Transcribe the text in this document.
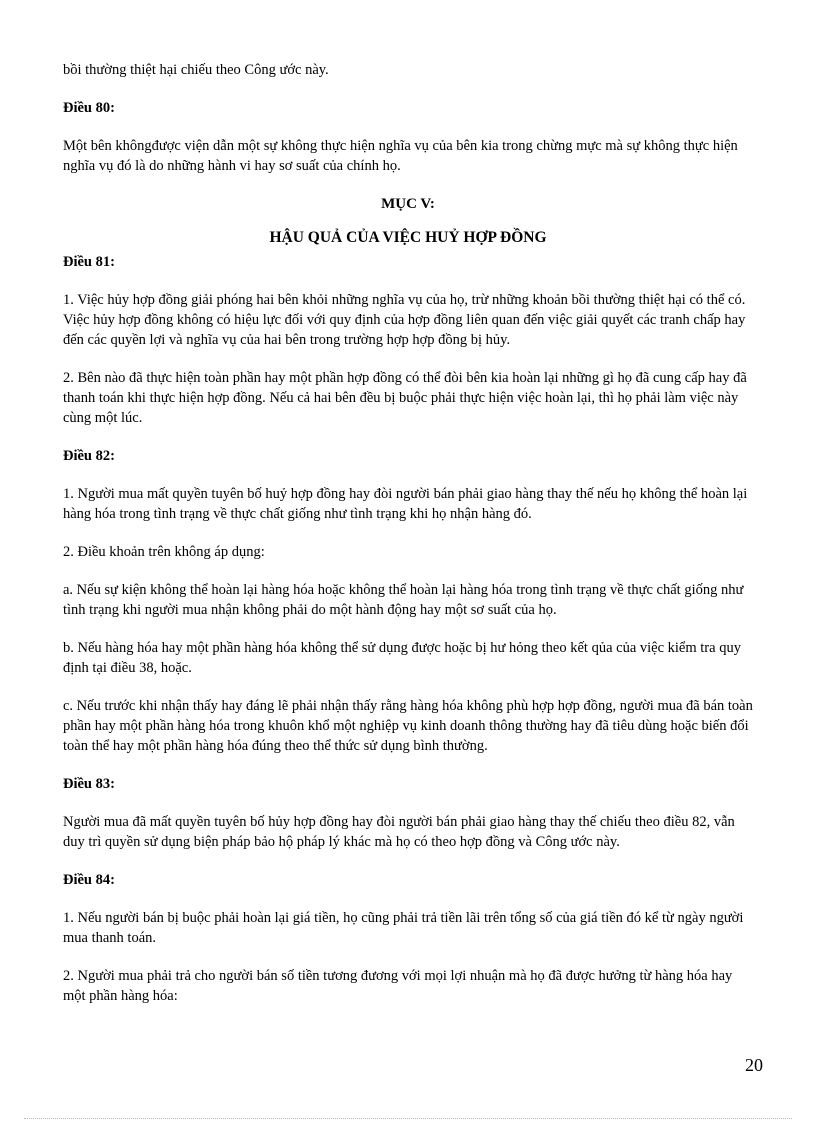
bồi thường thiệt hại chiếu theo Công ước này.
Điều 80:
Một bên khôngđược viện dẫn một sự không thực hiện nghĩa vụ của bên kia trong chừng mực mà sự không thực hiện nghĩa vụ đó là do những hành vi hay sơ suất của chính họ.
MỤC V:
HẬU QUẢ CỦA VIỆC HUỶ HỢP ĐỒNG
Điều 81:
1. Việc hủy hợp đồng giải phóng hai bên khỏi những nghĩa vụ của họ, trừ những khoản bồi thường thiệt hại có thể có. Việc hủy hợp đồng không có hiệu lực đối với quy định của hợp đồng liên quan đến việc giải quyết các tranh chấp hay đến các quyền lợi và nghĩa vụ của hai bên trong trường hợp hợp đồng bị hủy.
2. Bên nào đã thực hiện toàn phần hay một phần hợp đồng có thể đòi bên kia hoàn lại những gì họ đã cung cấp hay đã thanh toán khi thực hiện hợp đồng. Nếu cả hai bên đều bị buộc phải thực hiện việc hoàn lại, thì họ phải làm việc này cùng một lúc.
Điều 82:
1. Người mua mất quyền tuyên bố huỷ hợp đồng hay đòi người bán phải giao hàng thay thế nếu họ không thể hoàn lại hàng hóa trong tình trạng về thực chất giống như tình trạng khi họ nhận hàng đó.
2. Điều khoản trên không áp dụng:
a. Nếu sự kiện không thể hoàn lại hàng hóa hoặc không thể hoàn lại hàng hóa trong tình trạng về thực chất giống như tình trạng khi người mua nhận không phải do một hành động hay một sơ suất của họ.
b. Nếu hàng hóa hay một phần hàng hóa không thể sử dụng được hoặc bị hư hỏng theo kết qủa của việc kiểm tra quy định tại điều 38, hoặc.
c. Nếu trước khi nhận thấy hay đáng lẽ phải nhận thấy rằng hàng hóa không phù hợp hợp đồng, người mua đã bán toàn phần hay một phần hàng hóa trong khuôn khổ một nghiệp vụ kinh doanh thông thường hay đã tiêu dùng hoặc biến đổi toàn thể hay một phần hàng hóa đúng theo thể thức sử dụng bình thường.
Điều 83:
Người mua đã mất quyền tuyên bố hủy hợp đồng hay đòi người bán phải giao hàng thay thế chiếu theo điều 82, vẫn duy trì quyền sử dụng biện pháp bảo hộ pháp lý khác mà họ có theo hợp đồng và Công ước này.
Điều 84:
1. Nếu người bán bị buộc phải hoàn lại giá tiền, họ cũng phải trả tiền lãi trên tổng số của giá tiền đó kể từ ngày người mua thanh toán.
2. Người mua phải trả cho người bán số tiền tương đương với mọi lợi nhuận mà họ đã được hưởng từ hàng hóa hay một phần hàng hóa:
20
